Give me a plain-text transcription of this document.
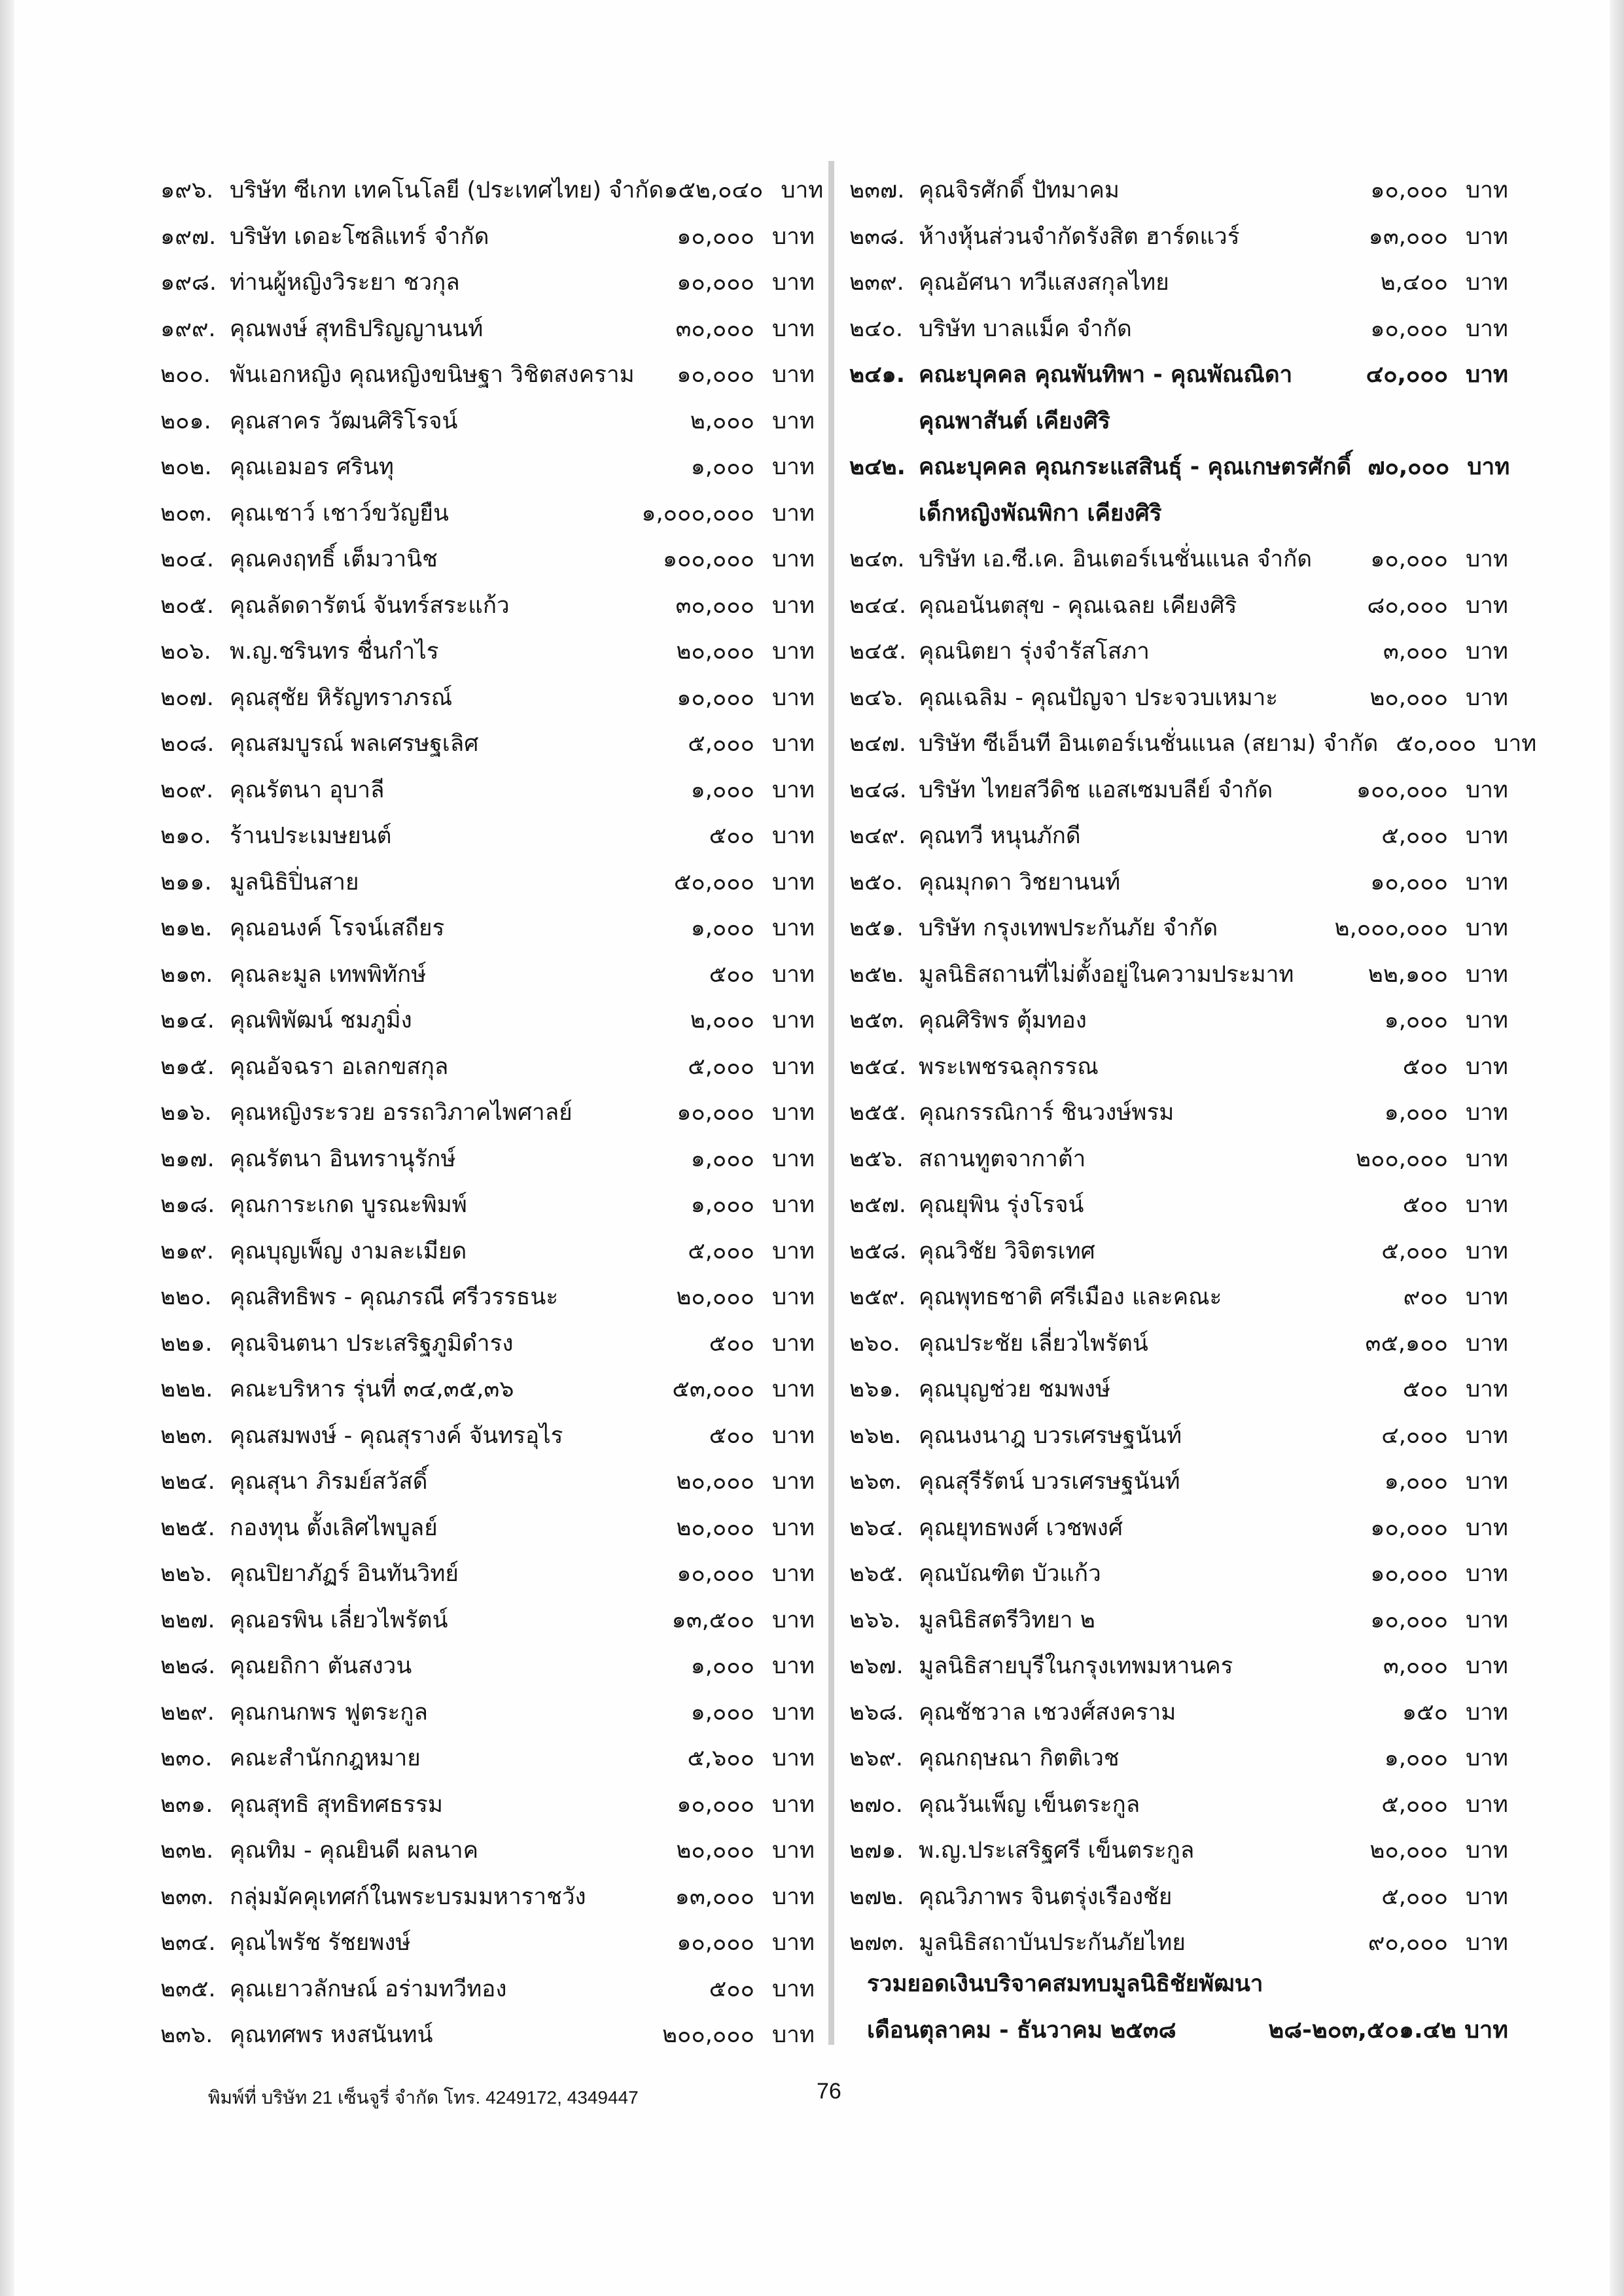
๑๙๖. บริษัท ซีเกท เทคโนโลยี (ประเทศไทย) จำกัด ๑๕๒,๐๔๐ บาท
๑๙๗. บริษัท เดอะโซลิแทร์ จำกัด	๑๐,๐๐๐ บาท
๑๙๘. ท่านผู้หญิงวิระยา ชวกุล	๑๐,๐๐๐ บาท
๑๙๙. คุณพงษ์ สุทธิปริญญานนท์	๓๐,๐๐๐ บาท
๒๐๐. พันเอกหญิง คุณหญิงขนิษฐา วิชิตสงคราม	๑๐,๐๐๐ บาท
๒๐๑. คุณสาคร วัฒนศิริโรจน์	๒,๐๐๐ บาท
๒๐๒. คุณเอมอร ศรินทุ	๑,๐๐๐ บาท
๒๐๓. คุณเชาว์ เชาว์ขวัญยืน	๑,๐๐๐,๐๐๐ บาท
๒๐๔. คุณคงฤทธิ์ เต็มวานิช	๑๐๐,๐๐๐ บาท
๒๐๕. คุณลัดดารัตน์ จันทร์สระแก้ว	๓๐,๐๐๐ บาท
๒๐๖. พ.ญ.ชรินทร ชื่นกำไร	๒๐,๐๐๐ บาท
๒๐๗. คุณสุชัย หิรัญทราภรณ์	๑๐,๐๐๐ บาท
๒๐๘. คุณสมบูรณ์ พลเศรษฐเลิศ	๕,๐๐๐ บาท
๒๐๙. คุณรัตนา อุบาลี	๑,๐๐๐ บาท
๒๑๐. ร้านประเมษยนต์	๕๐๐ บาท
๒๑๑. มูลนิธิปิ่นสาย	๕๐,๐๐๐ บาท
๒๑๒. คุณอนงค์ โรจน์เสถียร	๑,๐๐๐ บาท
๒๑๓. คุณละมูล เทพพิทักษ์	๕๐๐ บาท
๒๑๔. คุณพิพัฒน์ ชมภูมิ่ง	๒,๐๐๐ บาท
๒๑๕. คุณอัจฉรา อเลกขสกุล	๕,๐๐๐ บาท
๒๑๖. คุณหญิงระรวย อรรถวิภาคไพศาลย์	๑๐,๐๐๐ บาท
๒๑๗. คุณรัตนา อินทรานุรักษ์	๑,๐๐๐ บาท
๒๑๘. คุณการะเกด บูรณะพิมพ์	๑,๐๐๐ บาท
๒๑๙. คุณบุญเพ็ญ งามละเมียด	๕,๐๐๐ บาท
๒๒๐. คุณสิทธิพร - คุณภรณี ศรีวรรธนะ	๒๐,๐๐๐ บาท
๒๒๑. คุณจินตนา ประเสริฐภูมิดำรง	๕๐๐ บาท
๒๒๒. คณะบริหาร รุ่นที่ ๓๔,๓๕,๓๖	๕๓,๐๐๐ บาท
๒๒๓. คุณสมพงษ์ - คุณสุรางค์ จันทรอุไร	๕๐๐ บาท
๒๒๔. คุณสุนา ภิรมย์สวัสดิ์	๒๐,๐๐๐ บาท
๒๒๕. กองทุน ตั้งเลิศไพบูลย์	๒๐,๐๐๐ บาท
๒๒๖. คุณปิยาภัฏร์ อินทันวิทย์	๑๐,๐๐๐ บาท
๒๒๗. คุณอรพิน เลี่ยวไพรัตน์	๑๓,๕๐๐ บาท
๒๒๘. คุณยถิกา ตันสงวน	๑,๐๐๐ บาท
๒๒๙. คุณกนกพร ฟูตระกูล	๑,๐๐๐ บาท
๒๓๐. คณะสำนักกฎหมาย	๕,๖๐๐ บาท
๒๓๑. คุณสุทธิ สุทธิทศธรรม	๑๐,๐๐๐ บาท
๒๓๒. คุณทิม - คุณยินดี ผลนาค	๒๐,๐๐๐ บาท
๒๓๓. กลุ่มมัคคุเทศก์ในพระบรมมหาราชวัง	๑๓,๐๐๐ บาท
๒๓๔. คุณไพรัช รัชยพงษ์	๑๐,๐๐๐ บาท
๒๓๕. คุณเยาวลักษณ์ อร่ามทวีทอง	๕๐๐ บาท
๒๓๖. คุณทศพร หงสนันทน์	๒๐๐,๐๐๐ บาท
๒๓๗. คุณจิรศักดิ์ ปัทมาคม	๑๐,๐๐๐ บาท
๒๓๘. ห้างหุ้นส่วนจำกัดรังสิต ฮาร์ดแวร์	๑๓,๐๐๐ บาท
๒๓๙. คุณอัศนา ทวีแสงสกุลไทย	๒,๔๐๐ บาท
๒๔๐. บริษัท บาลแม็ค จำกัด	๑๐,๐๐๐ บาท
๒๔๑. คณะบุคคล คุณพันทิพา - คุณพัณณิดา
คุณพาสันต์ เคียงศิริ
๔๐,๐๐๐ บาท
๒๔๒. คณะบุคคล คุณกระแสสินธุ์ - คุณเกษตรศักดิ์
เด็กหญิงพัณพิกา เคียงศิริ
๗๐,๐๐๐ บาท
๒๔๓. บริษัท เอ.ซี.เค. อินเตอร์เนชั่นแนล จำกัด	๑๐,๐๐๐ บาท
๒๔๔. คุณอนันตสุข - คุณเฉลย เคียงศิริ	๘๐,๐๐๐ บาท
๒๔๕. คุณนิตยา รุ่งจำรัสโสภา	๓,๐๐๐ บาท
๒๔๖. คุณเฉลิม - คุณปัญจา ประจวบเหมาะ	๒๐,๐๐๐ บาท
๒๔๗. บริษัท ซีเอ็นที อินเตอร์เนชั่นแนล (สยาม) จำกัด ๕๐,๐๐๐ บาท
๒๔๘. บริษัท ไทยสวีดิช แอสเซมบลีย์ จำกัด	๑๐๐,๐๐๐ บาท
๒๔๙. คุณทวี หนุนภักดี	๕,๐๐๐ บาท
๒๕๐. คุณมุกดา วิชยานนท์	๑๐,๐๐๐ บาท
๒๕๑. บริษัท กรุงเทพประกันภัย จำกัด	๒,๐๐๐,๐๐๐ บาท
๒๕๒. มูลนิธิสถานที่ไม่ตั้งอยู่ในความประมาท	๒๒,๑๐๐ บาท
๒๕๓. คุณศิริพร ตุ้มทอง	๑,๐๐๐ บาท
๒๕๔. พระเพชรฉลุกรรณ	๕๐๐ บาท
๒๕๕. คุณกรรณิการ์ ชินวงษ์พรม	๑,๐๐๐ บาท
๒๕๖. สถานทูตจากาต้า	๒๐๐,๐๐๐ บาท
๒๕๗. คุณยุพิน รุ่งโรจน์	๕๐๐ บาท
๒๕๘. คุณวิชัย วิจิตรเทศ	๕,๐๐๐ บาท
๒๕๙. คุณพุทธชาติ ศรีเมือง และคณะ	๙๐๐ บาท
๒๖๐. คุณประชัย เลี่ยวไพรัตน์	๓๕,๑๐๐ บาท
๒๖๑. คุณบุญช่วย ชมพงษ์	๕๐๐ บาท
๒๖๒. คุณนงนาฎ บวรเศรษฐนันท์	๔,๐๐๐ บาท
๒๖๓. คุณสุรีรัตน์ บวรเศรษฐนันท์	๑,๐๐๐ บาท
๒๖๔. คุณยุทธพงศ์ เวชพงศ์	๑๐,๐๐๐ บาท
๒๖๕. คุณบัณฑิต บัวแก้ว	๑๐,๐๐๐ บาท
๒๖๖. มูลนิธิสตรีวิทยา ๒	๑๐,๐๐๐ บาท
๒๖๗. มูลนิธิสายบุรีในกรุงเทพมหานคร	๓,๐๐๐ บาท
๒๖๘. คุณชัชวาล เชวงศ์สงคราม	๑๕๐ บาท
๒๖๙. คุณกฤษณา กิตติเวช	๑,๐๐๐ บาท
๒๗๐. คุณวันเพ็ญ เข็นตระกูล	๕,๐๐๐ บาท
๒๗๑. พ.ญ.ประเสริฐศรี เข็นตระกูล	๒๐,๐๐๐ บาท
๒๗๒. คุณวิภาพร จินตรุ่งเรืองชัย	๕,๐๐๐ บาท
๒๗๓. มูลนิธิสถาบันประกันภัยไทย	๙๐,๐๐๐ บาท
รวมยอดเงินบริจาคสมทบมูลนิธิชัยพัฒนา
เดือนตุลาคม - ธันวาคม ๒๕๓๘	๒๘-๒๐๓,๕๐๑.๔๒ บาท
พิมพ์ที่ บริษัท 21 เซ็นจูรี่ จำกัด โทร. 4249172, 4349447	76
